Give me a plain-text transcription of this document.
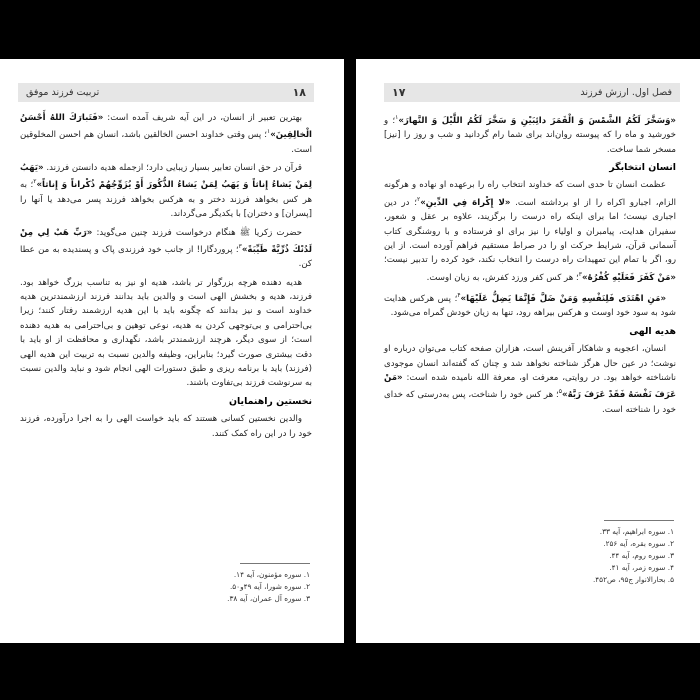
۱۸
تربیت فرزند موفق

بهترین تعبیر از انسان، در این آیه شریف آمده است: «فَتَبارَكَ اللهُ أَحْسَنُ الْخالِقِينَ»$^۱$؛ پس وقتی خداوند احسن الخالقین باشد، انسان هم احسن المخلوقین است.

قرآن در حق انسان تعابیر بسیار زیبایی دارد؛ ازجمله هدیه دانستن فرزند. «يَهَبُ لِمَنْ يَشاءُ إِناثاً وَ يَهَبُ لِمَنْ يَشاءُ الذُّكُورَ أَوْ يُزَوِّجُهُمْ ذُكْراناً وَ إِناثاً»$^۲$؛ به هر کس بخواهد فرزند دختر و به هرکس بخواهد فرزند پسر می‌دهد یا آنها را [پسران] و دختران] با یکدیگر می‌گرداند.

حضرت زکریا ﷺ هنگام درخواست فرزند چنین می‌گوید: «رَبِّ هَبْ لِي مِنْ لَدُنْكَ ذُرِّيَّةً طَيِّبَةً»$^۳$؛ پروردگارا! از جانب خود فرزندی پاک و پسندیده به من عطا کن.

هدیه دهنده هرچه بزرگوار تر باشد، هدیه او نیز به تناسب بزرگ خواهد بود. فرزند، هدیه و بخشش الهی است و والدین باید بدانند فرزند ارزشمندترین هدیه خداوند است و نیز بدانند که چگونه باید با این هدیه ارزشمند رفتار کنند؛ زیرا بی‌احترامی و بی‌توجهی کردن به هدیه، نوعی توهین و بی‌احترامی به هدیه دهنده است؛ از سوی دیگر، هرچند ارزشمندتر باشد، نگهداری و محافظت از او باید با دقت بیشتری صورت گیرد؛ بنابراین، وظیفه والدین نسبت به تربیت این هدیه الهی (فرزند) باید با برنامه ریزی و طبق دستورات الهی انجام شود و نباید والدین نسبت به سرنوشت فرزند بی‌تفاوت باشند.

نخستین راهنمایان

والدین نخستین کسانی هستند که باید خواست الهی را به اجرا درآورده، فرزند خود را در این راه کمک کنند.

۱. سوره مؤمنون، آیه ۱۴.

۲. سوره شورا، آیه ۴۹و۵۰.

۳. سوره آل عمران، آیه ۳۸.

فصل اول. ارزش فرزند
۱۷

«وَسَخَّرَ لَكُمُ الشَّمْسَ وَ الْقَمَرَ دائِبَيْنِ وَ سَخَّرَ لَكُمُ اللَّيْلَ وَ النَّهارَ»$^۱$؛ و خورشید و ماه را که پیوسته روان‌اند برای شما رام گردانید و شب و روز را [نیز] مسخر شما ساخت.

انسان انتخابگر

عظمت انسان تا حدی است که خداوند انتخاب راه را برعهده او نهاده و هرگونه الزام، اجبارو اکراه را از او برداشته است. «لا إِكْراهَ فِي الدِّينِ»$^۲$؛ در دین اجباری نیست؛ اما برای اینکه راه درست را برگزیند، علاوه بر عقل و شعور، سفیران هدایت، پیامبران و اولیاء را نیز برای او فرستاده و با روشنگری کتاب آسمانی قرآن، شرایط حرکت او را در صراط مستقیم فراهم آورده است. از این رو، اگر با تمام این تمهیدات راه درست را انتخاب نکند، خود کرده را تدبیر نیست؛ «مَنْ كَفَرَ فَعَلَيْهِ كُفْرُهُ»$^۳$؛ هر کس کفر ورزد کفرش، به زیان اوست.

«مَنِ اهْتَدَى فَلِنَفْسِهِ وَمَنْ ضَلَّ فَإِنَّمَا يَضِلُّ عَلَيْهَا»$^۴$؛ پس هرکس هدایت شود به سود خود اوست و هرکس بیراهه رود، تنها به زیان خودش گمراه می‌شود.

هدیه الهی

انسان، اعجوبه و شاهکار آفرینش است، هزاران صفحه کتاب می‌توان درباره او نوشت؛ در عین حال هرگز شناخته نخواهد شد و چنان که گفته‌اند انسان موجودی ناشناخته خواهد بود. در روایتی، معرفت او، معرفة الله نامیده شده است: «مَنْ عَرَفَ نَفْسَهُ فَقَدْ عَرَفَ رَبَّهُ»$^۵$؛ هر کس خود را شناخت، پس به‌درستی که خدای خود را شناخته است.

۱. سوره ابراهیم، آیه ۳۳.

۲. سوره بقره، آیه ۲۵۶.

۳. سوره روم، آیه ۴۴.

۴. سوره زمر، آیه ۴۱.

۵. بحارالانوار ج۹۵، ص۴۵۲.
